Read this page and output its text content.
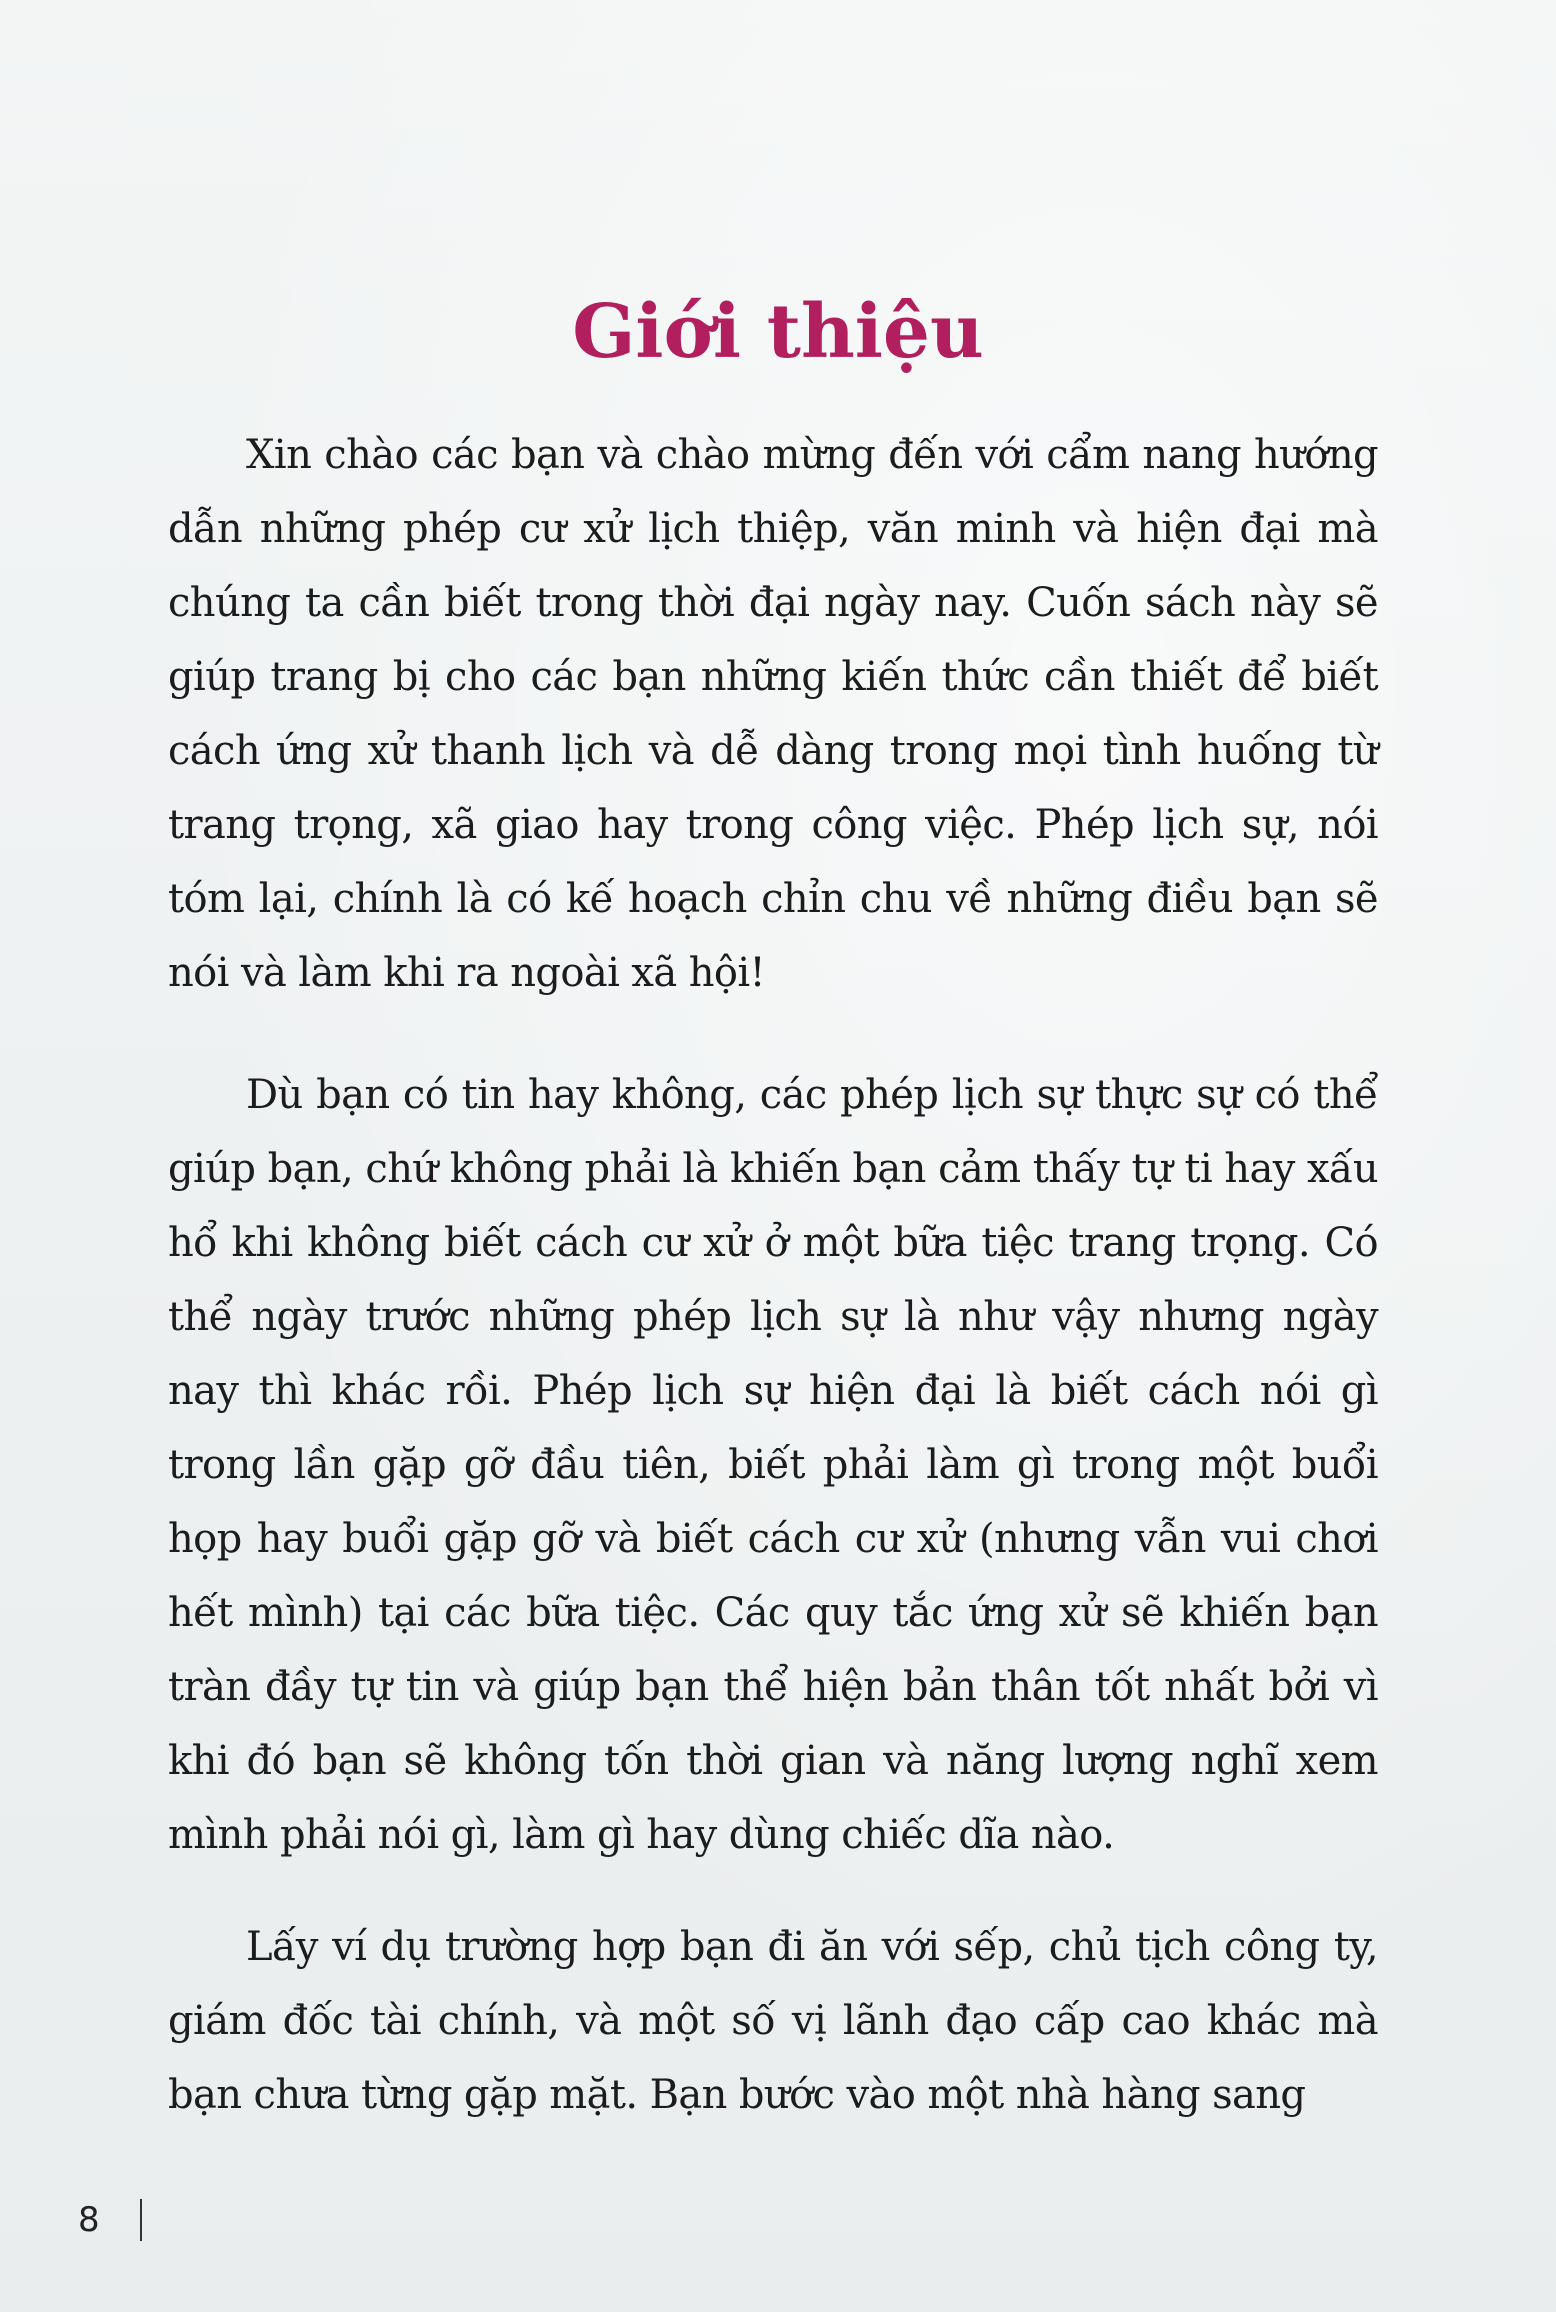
Giới thiệu

Xin chào các bạn và chào mừng đến với cẩm nang hướng dẫn những phép cư xử lịch thiệp, văn minh và hiện đại mà chúng ta cần biết trong thời đại ngày nay. Cuốn sách này sẽ giúp trang bị cho các bạn những kiến thức cần thiết để biết cách ứng xử thanh lịch và dễ dàng trong mọi tình huống từ trang trọng, xã giao hay trong công việc. Phép lịch sự, nói tóm lại, chính là có kế hoạch chỉn chu về những điều bạn sẽ nói và làm khi ra ngoài xã hội!

Dù bạn có tin hay không, các phép lịch sự thực sự có thể giúp bạn, chứ không phải là khiến bạn cảm thấy tự ti hay xấu hổ khi không biết cách cư xử ở một bữa tiệc trang trọng. Có thể ngày trước những phép lịch sự là như vậy nhưng ngày nay thì khác rồi. Phép lịch sự hiện đại là biết cách nói gì trong lần gặp gỡ đầu tiên, biết phải làm gì trong một buổi họp hay buổi gặp gỡ và biết cách cư xử (nhưng vẫn vui chơi hết mình) tại các bữa tiệc. Các quy tắc ứng xử sẽ khiến bạn tràn đầy tự tin và giúp bạn thể hiện bản thân tốt nhất bởi vì khi đó bạn sẽ không tốn thời gian và năng lượng nghĩ xem mình phải nói gì, làm gì hay dùng chiếc dĩa nào.

Lấy ví dụ trường hợp bạn đi ăn với sếp, chủ tịch công ty, giám đốc tài chính, và một số vị lãnh đạo cấp cao khác mà bạn chưa từng gặp mặt. Bạn bước vào một nhà hàng sang

8
